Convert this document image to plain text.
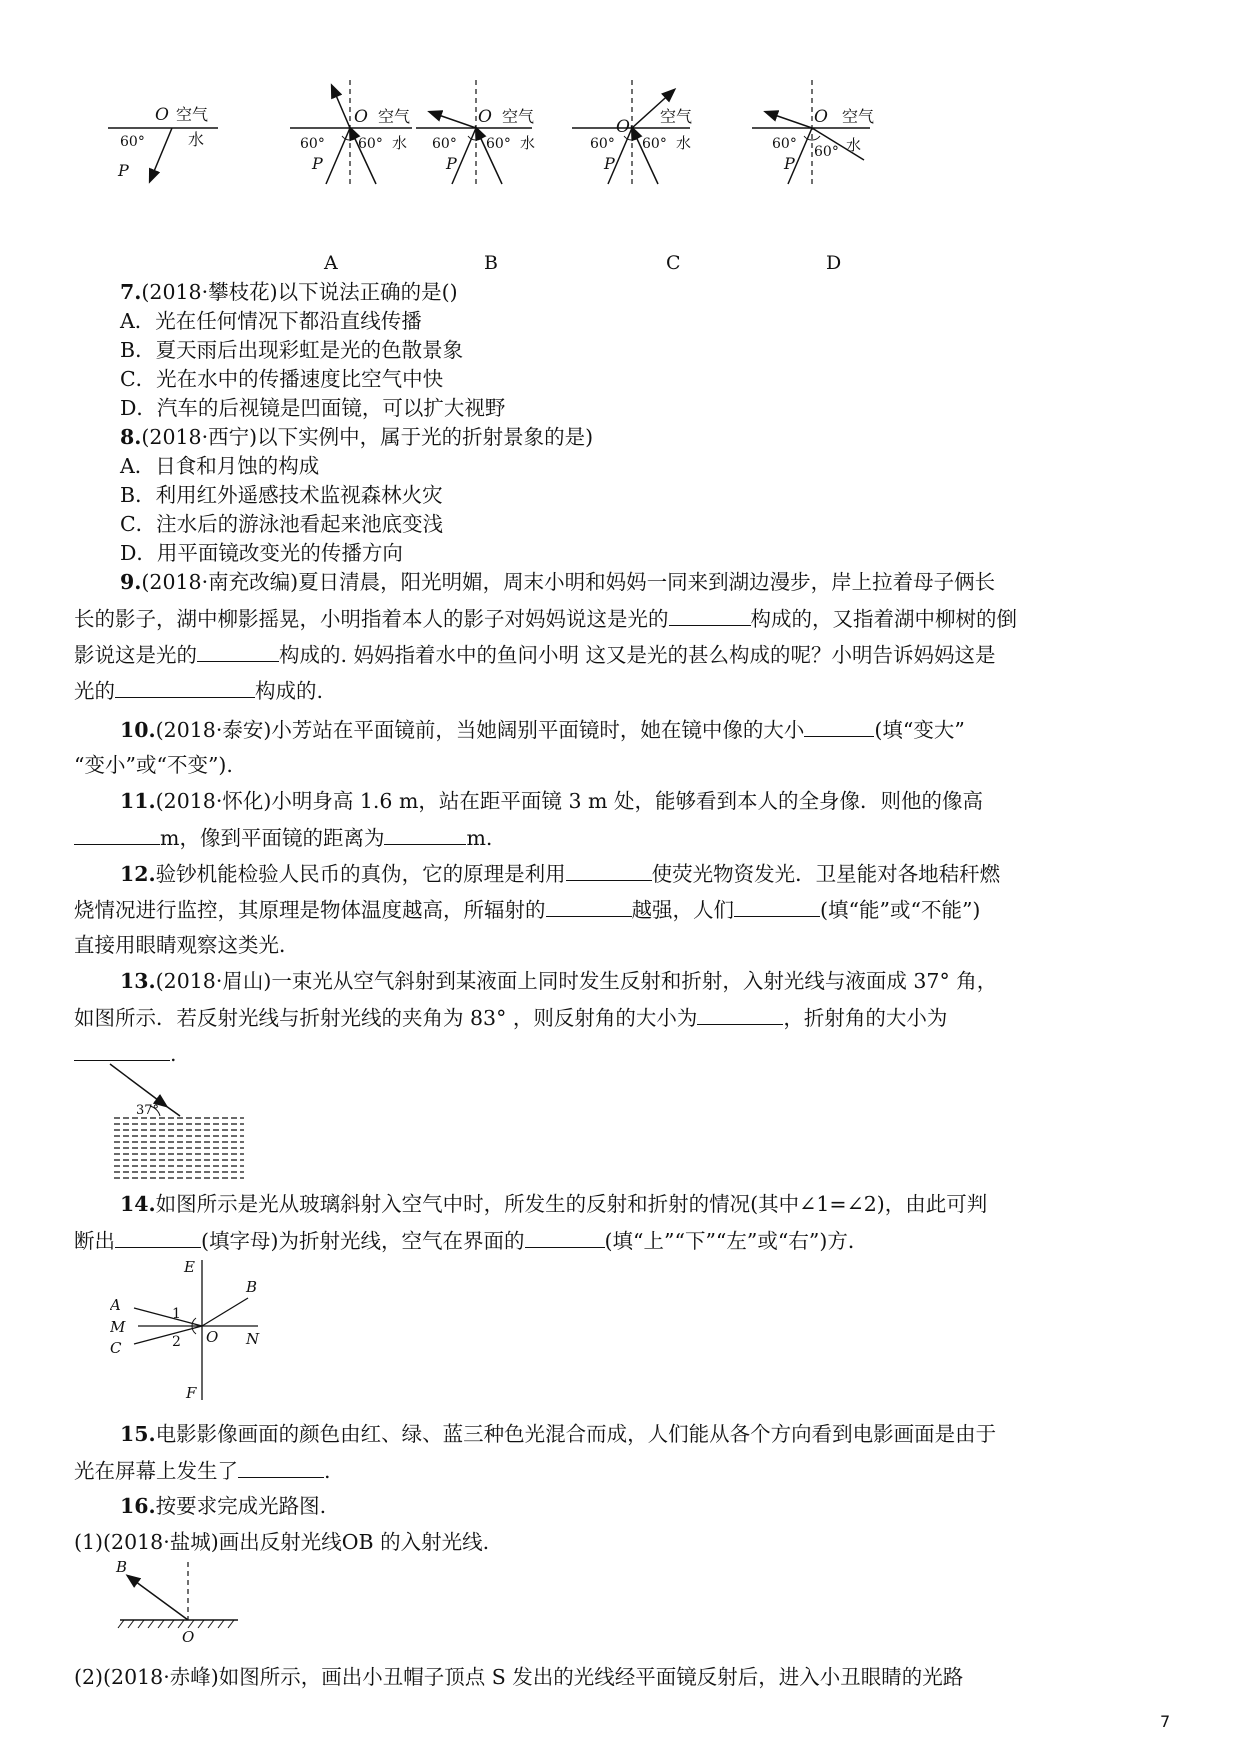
O 空气
水
60°
P
O 空气
60° 60° 水
P
O 空气
60° 60° 水
P
O
空气
60° 60° 水
P
O 空气
60° 60° 水
P
A	B	C	D
7.(2018·攀枝花)以下说法正确的是()
A．光在任何情况下都沿直线传播
B．夏天雨后出现彩虹是光的色散景象
C．光在水中的传播速度比空气中快
D．汽车的后视镜是凹面镜，可以扩大视野
8.(2018·西宁)以下实例中，属于光的折射景象的是)
A．日食和月蚀的构成
B．利用红外遥感技术监视森林火灾
C．注水后的游泳池看起来池底变浅
D．用平面镜改变光的传播方向
9.(2018·南充改编)夏日清晨，阳光明媚，周末小明和妈妈一同来到湖边漫步，岸上拉着母子俩长
长的影子，湖中柳影摇晃，小明指着本人的影子对妈妈说这是光的	构成的，又指着湖中柳树的倒
影说这是光的	构成的. 妈妈指着水中的鱼问小明 这又是光的甚么构成的呢？小明告诉妈妈这是
光的	构成的.
10.(2018·泰安)小芳站在平面镜前，当她阔别平面镜时，她在镜中像的大小	(填“变大”
“变小”或“不变”).
11.(2018·怀化)小明身高 1.6 m，站在距平面镜 3 m 处，能够看到本人的全身像．则他的像高
m，像到平面镜的距离为	m.
12.验钞机能检验人民币的真伪，它的原理是利用	使荧光物资发光．卫星能对各地秸秆燃
烧情况进行监控，其原理是物体温度越高，所辐射的	越强，人们	(填“能”或“不能”)
直接用眼睛观察这类光．
13.(2018·眉山)一束光从空气斜射到某液面上同时发生反射和折射，入射光线与液面成 37° 角，
如图所示．若反射光线与折射光线的夹角为 83° ，则反射角的大小为	，折射角的大小为
.
37°
14.如图所示是光从玻璃斜射入空气中时，所发生的反射和折射的情况(其中∠1=∠2)，由此可判
断出	(填字母)为折射光线，空气在界面的	(填“上”“下”“左”或“右”)方．
E
B
A
M
C
O N
F
1
2
15.电影影像画面的颜色由红、绿、蓝三种色光混合而成，人们能从各个方向看到电影画面是由于
光在屏幕上发生了	.
16.按要求完成光路图.
(1)(2018·盐城)画出反射光线OB 的入射光线.
B
O
(2)(2018·赤峰)如图所示，画出小丑帽子顶点 S 发出的光线经平面镜反射后，进入小丑眼睛的光路
7
